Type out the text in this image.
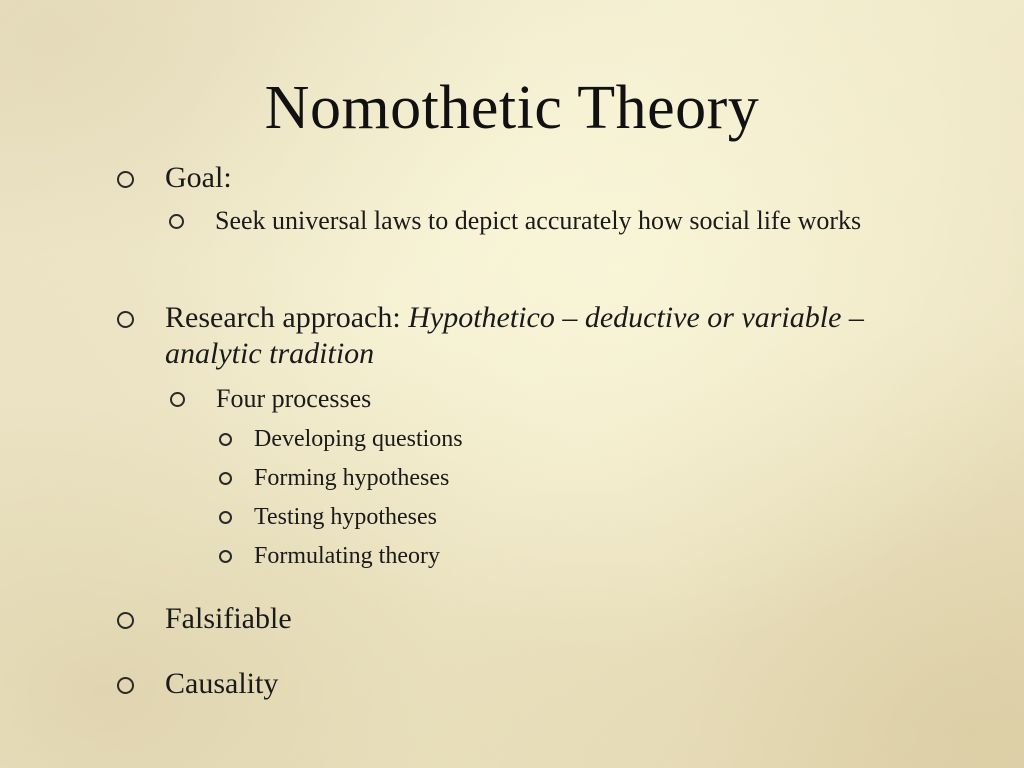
Nomothetic Theory
Goal:
Seek universal laws to depict accurately how social life works
Research approach: Hypothetico – deductive or variable – analytic tradition
Four processes
Developing questions
Forming hypotheses
Testing hypotheses
Formulating theory
Falsifiable
Causality
